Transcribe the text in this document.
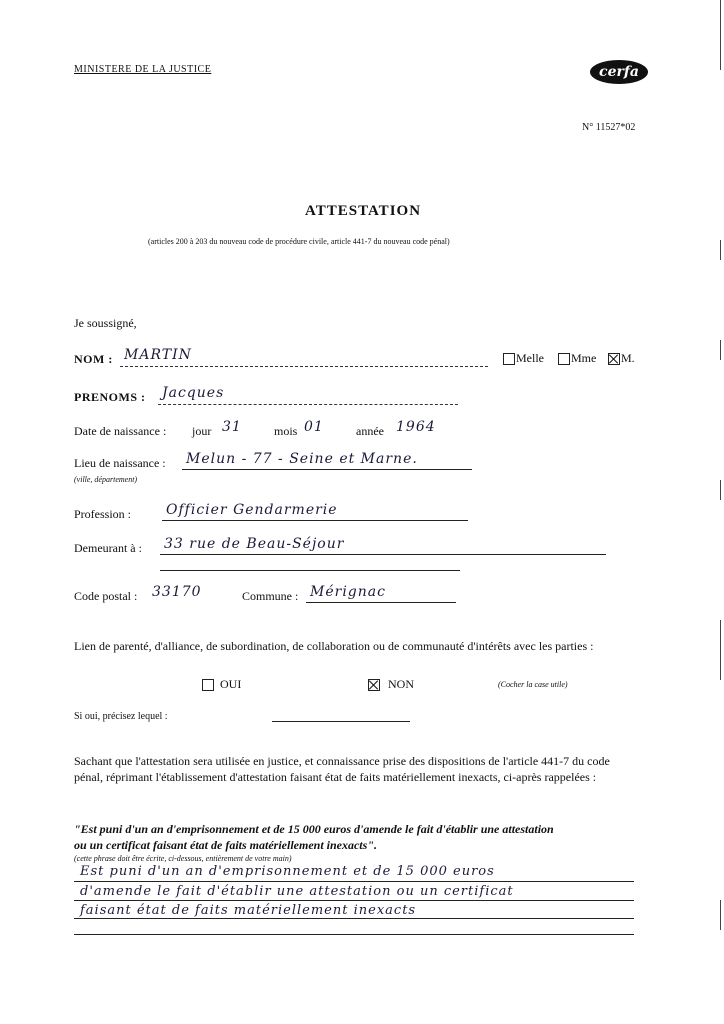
MINISTERE DE LA JUSTICE	cerfa
N° 11527*02
ATTESTATION
(articles 200 à 203 du nouveau code de procédure civile, article 441-7 du nouveau code pénal)
Je soussigné,
NOM : MARTIN	Melle Mme M.
PRENOMS : Jacques
Date de naissance : jour 31	mois 01	année 1964
Lieu de naissance :
(ville, département)
Melun - 77 - Seine et Marne.
Profession :	Officier Gendarmerie
Demeurant à : 33 rue de Beau-Séjour
Code postal : 33170	Commune : Mérignac
Lien de parenté, d'alliance, de subordination, de collaboration ou de communauté d'intérêts avec les parties :
OUI	NON	(Cocher la case utile)
Si oui, précisez lequel :
Sachant que l'attestation sera utilisée en justice, et connaissance prise des dispositions de l'article 441-7 du code pénal, réprimant l'établissement d'attestation faisant état de faits matériellement inexacts, ci-après rappelées :
"Est puni d'un an d'emprisonnement et de 15 000 euros d'amende le fait d'établir une attestation
ou un certificat faisant état de faits matériellement inexacts".
(cette phrase doit être écrite, ci-dessous, entièrement de votre main)
Est puni d'un an d'emprisonnement et de 15 000 euros
d'amende le fait d'établir une attestation ou un certificat
faisant état de faits matériellement inexacts
